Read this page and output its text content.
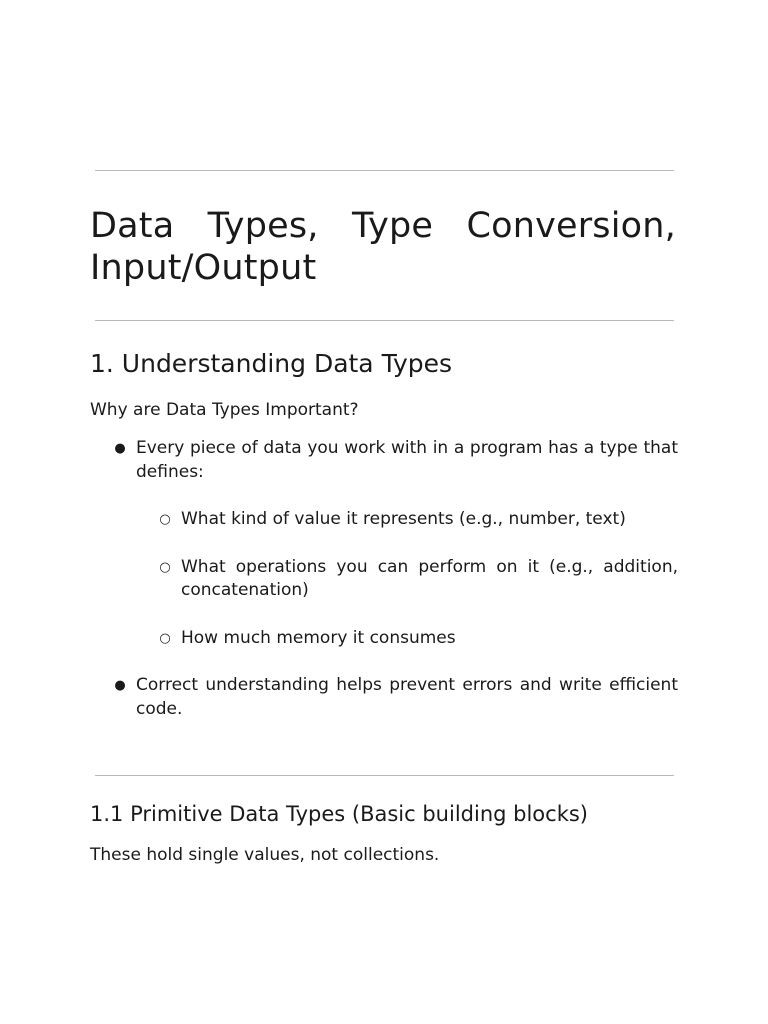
Data Types, Type Conversion, Input/Output
1. Understanding Data Types

Why are Data Types Important?

● Every piece of data you work with in a program has a type that defines:
○ What kind of value it represents (e.g., number, text)
○ What operations you can perform on it (e.g., addition, concatenation)
○ How much memory it consumes
● Correct understanding helps prevent errors and write efficient code.
1.1 Primitive Data Types (Basic building blocks)

These hold single values, not collections.
